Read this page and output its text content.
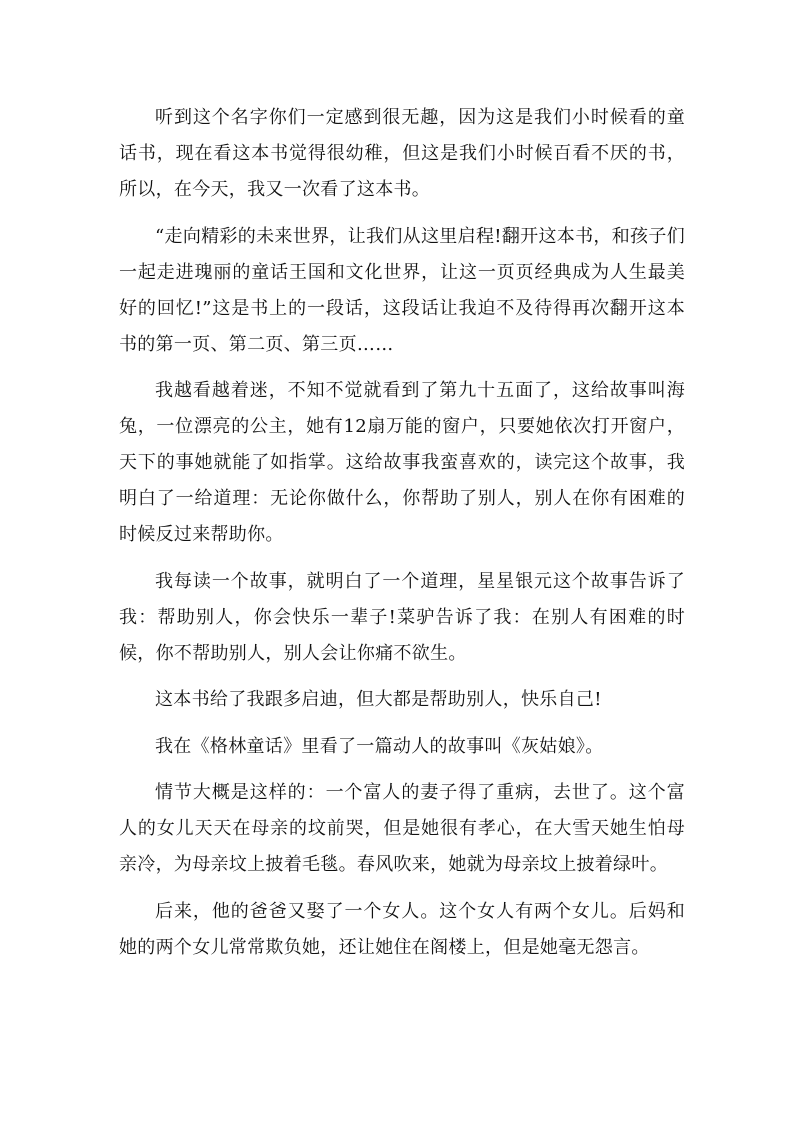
听到这个名字你们一定感到很无趣，因为这是我们小时候看的童话书，现在看这本书觉得很幼稚，但这是我们小时候百看不厌的书，所以，在今天，我又一次看了这本书。

“走向精彩的未来世界，让我们从这里启程!翻开这本书，和孩子们一起走进瑰丽的童话王国和文化世界，让这一页页经典成为人生最美好的回忆!”这是书上的一段话，这段话让我迫不及待得再次翻开这本书的第一页、第二页、第三页……

我越看越着迷，不知不觉就看到了第九十五面了，这给故事叫海兔，一位漂亮的公主，她有12扇万能的窗户，只要她依次打开窗户，天下的事她就能了如指掌。这给故事我蛮喜欢的，读完这个故事，我明白了一给道理：无论你做什么，你帮助了别人，别人在你有困难的时候反过来帮助你。

我每读一个故事，就明白了一个道理，星星银元这个故事告诉了我：帮助别人，你会快乐一辈子!菜驴告诉了我：在别人有困难的时候，你不帮助别人，别人会让你痛不欲生。

这本书给了我跟多启迪，但大都是帮助别人，快乐自己!

我在《格林童话》里看了一篇动人的故事叫《灰姑娘》。

情节大概是这样的：一个富人的妻子得了重病，去世了。这个富人的女儿天天在母亲的坟前哭，但是她很有孝心，在大雪天她生怕母亲冷，为母亲坟上披着毛毯。春风吹来，她就为母亲坟上披着绿叶。

后来，他的爸爸又娶了一个女人。这个女人有两个女儿。后妈和她的两个女儿常常欺负她，还让她住在阁楼上，但是她毫无怨言。
